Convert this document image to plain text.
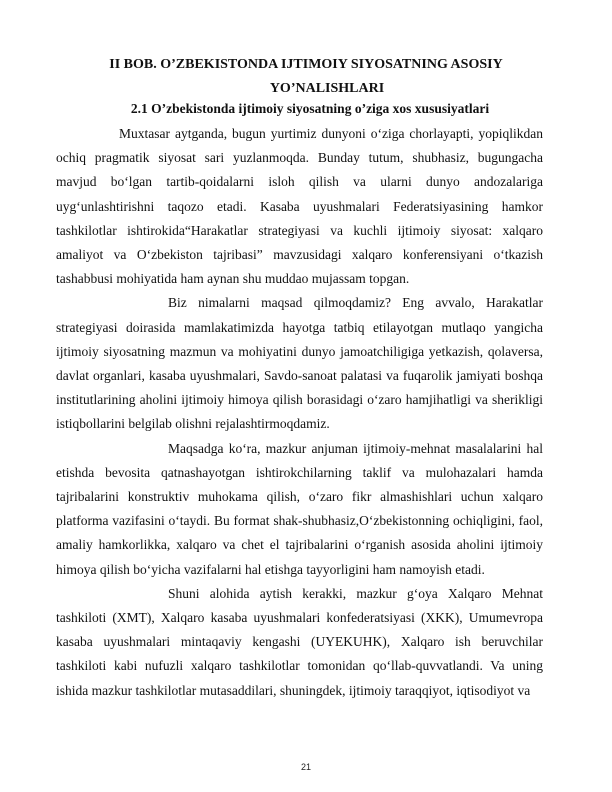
II BOB. O’ZBEKISTONDA IJTIMOIY SIYOSATNING ASOSIY
YO’NALISHLARI
2.1 O’zbekistonda ijtimoiy siyosatning o’ziga xos xususiyatlari

Muxtasar aytganda, bugun yurtimiz dunyoni o‘ziga chorlayapti, yopiqlikdan ochiq pragmatik siyosat sari yuzlanmoqda. Bunday tutum, shubhasiz, bugungacha mavjud bo‘lgan tartib-qoidalarni isloh qilish va ularni dunyo andozalariga uyg‘unlashtirishni taqozo etadi. Kasaba uyushmalari Federatsiyasining hamkor tashkilotlar ishtirokida“Harakatlar strategiyasi va kuchli ijtimoiy siyosat: xalqaro amaliyot va O‘zbekiston tajribasi” mavzusidagi xalqaro konferensiyani o‘tkazish tashabbusi mohiyatida ham aynan shu muddao mujassam topgan.

Biz nimalarni maqsad qilmoqdamiz? Eng avvalo, Harakatlar strategiyasi doirasida mamlakatimizda hayotga tatbiq etilayotgan mutlaqo yangicha ijtimoiy siyosatning mazmun va mohiyatini dunyo jamoatchiligiga yetkazish, qolaversa, davlat organlari, kasaba uyushmalari, Savdo-sanoat palatasi va fuqarolik jamiyati boshqa institutlarining aholini ijtimoiy himoya qilish borasidagi o‘zaro hamjihatligi va sherikligi istiqbollarini belgilab olishni rejalashtirmoqdamiz.

Maqsadga ko‘ra, mazkur anjuman ijtimoiy-mehnat masalalarini hal etishda bevosita qatnashayotgan ishtirokchilarning taklif va mulohazalari hamda tajribalarini konstruktiv muhokama qilish, o‘zaro fikr almashishlari uchun xalqaro platforma vazifasini o‘taydi. Bu format shak-shubhasiz,O‘zbekistonning ochiqligini, faol, amaliy hamkorlikka, xalqaro va chet el tajribalarini o‘rganish asosida aholini ijtimoiy himoya qilish bo‘yicha vazifalarni hal etishga tayyorligini ham namoyish etadi.

Shuni alohida aytish kerakki, mazkur g‘oya Xalqaro Mehnat tashkiloti (XMT), Xalqaro kasaba uyushmalari konfederatsiyasi (XKK), Umumevropa kasaba uyushmalari mintaqaviy kengashi (UYEKUHK), Xalqaro ish beruvchilar tashkiloti kabi nufuzli xalqaro tashkilotlar tomonidan qo‘llab-quvvatlandi. Va uning ishida mazkur tashkilotlar mutasaddilari, shuningdek, ijtimoiy taraqqiyot, iqtisodiyot va

21
